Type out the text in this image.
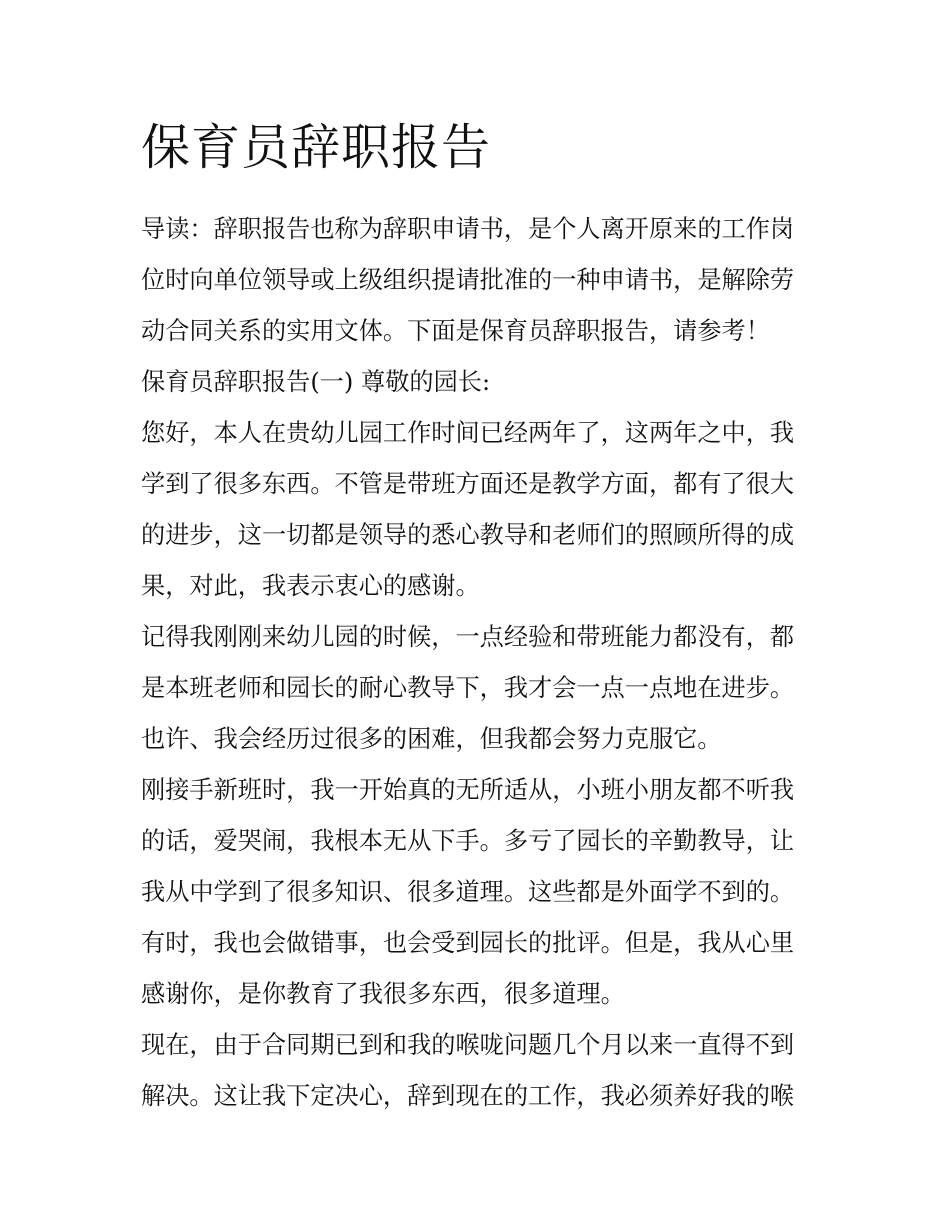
保育员辞职报告

导读：辞职报告也称为辞职申请书，是个人离开原来的工作岗
位时向单位领导或上级组织提请批准的一种申请书，是解除劳
动合同关系的实用文体。下面是保育员辞职报告，请参考！

保育员辞职报告(一) 尊敬的园长:

您好，本人在贵幼儿园工作时间已经两年了，这两年之中，我
学到了很多东西。不管是带班方面还是教学方面，都有了很大
的进步，这一切都是领导的悉心教导和老师们的照顾所得的成
果，对此，我表示衷心的感谢。

记得我刚刚来幼儿园的时候，一点经验和带班能力都没有，都
是本班老师和园长的耐心教导下，我才会一点一点地在进步。
也许、我会经历过很多的困难，但我都会努力克服它。

刚接手新班时，我一开始真的无所适从，小班小朋友都不听我
的话，爱哭闹，我根本无从下手。多亏了园长的辛勤教导，让
我从中学到了很多知识、很多道理。这些都是外面学不到的。
有时，我也会做错事，也会受到园长的批评。但是，我从心里
感谢你，是你教育了我很多东西，很多道理。

现在，由于合同期已到和我的喉咙问题几个月以来一直得不到
解决。这让我下定决心，辞到现在的工作，我必须养好我的喉
